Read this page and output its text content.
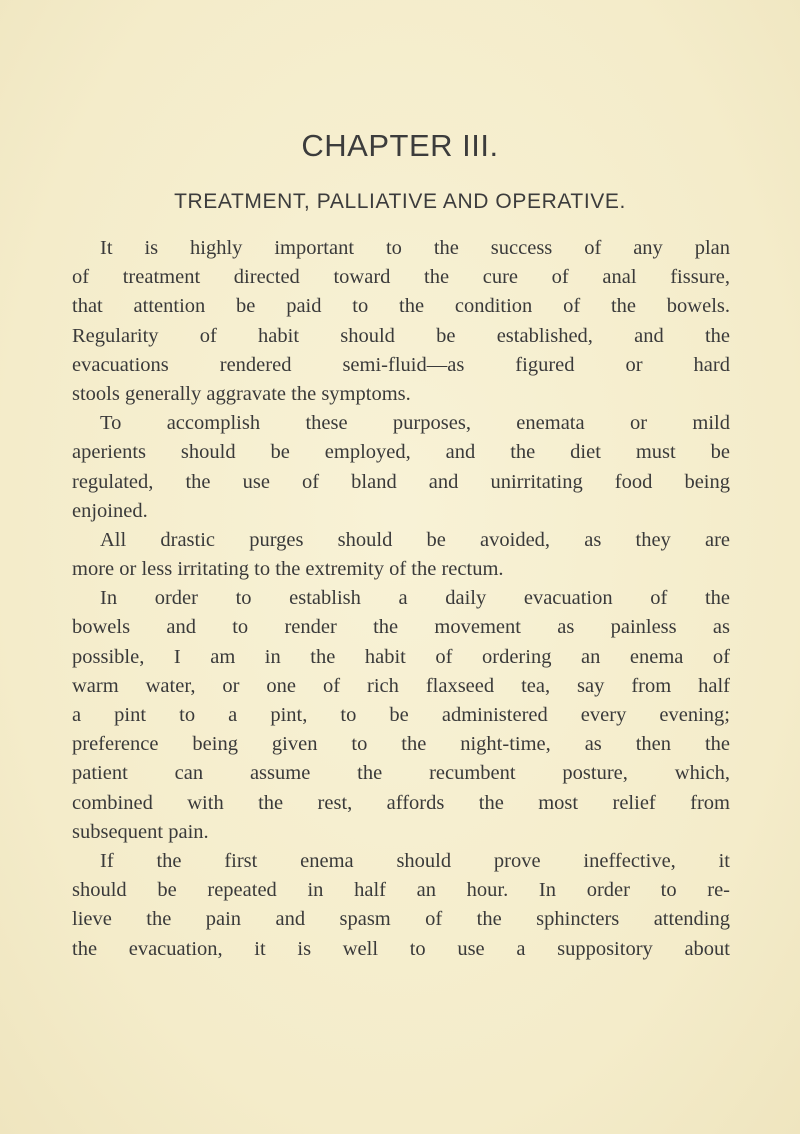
CHAPTER III.
TREATMENT, PALLIATIVE AND OPERATIVE.
It is highly important to the success of any plan
of treatment directed toward the cure of anal fissure,
that attention be paid to the condition of the bowels.
Regularity of habit should be established, and the
evacuations rendered semi-fluid—as figured or hard
stools generally aggravate the symptoms.
To accomplish these purposes, enemata or mild
aperients should be employed, and the diet must be
regulated, the use of bland and unirritating food being
enjoined.
All drastic purges should be avoided, as they are
more or less irritating to the extremity of the rectum.
In order to establish a daily evacuation of the
bowels and to render the movement as painless as
possible, I am in the habit of ordering an enema of
warm water, or one of rich flaxseed tea, say from half
a pint to a pint, to be administered every evening;
preference being given to the night-time, as then the
patient can assume the recumbent posture, which,
combined with the rest, affords the most relief from
subsequent pain.
If the first enema should prove ineffective, it
should be repeated in half an hour. In order to re-
lieve the pain and spasm of the sphincters attending
the evacuation, it is well to use a suppository about
